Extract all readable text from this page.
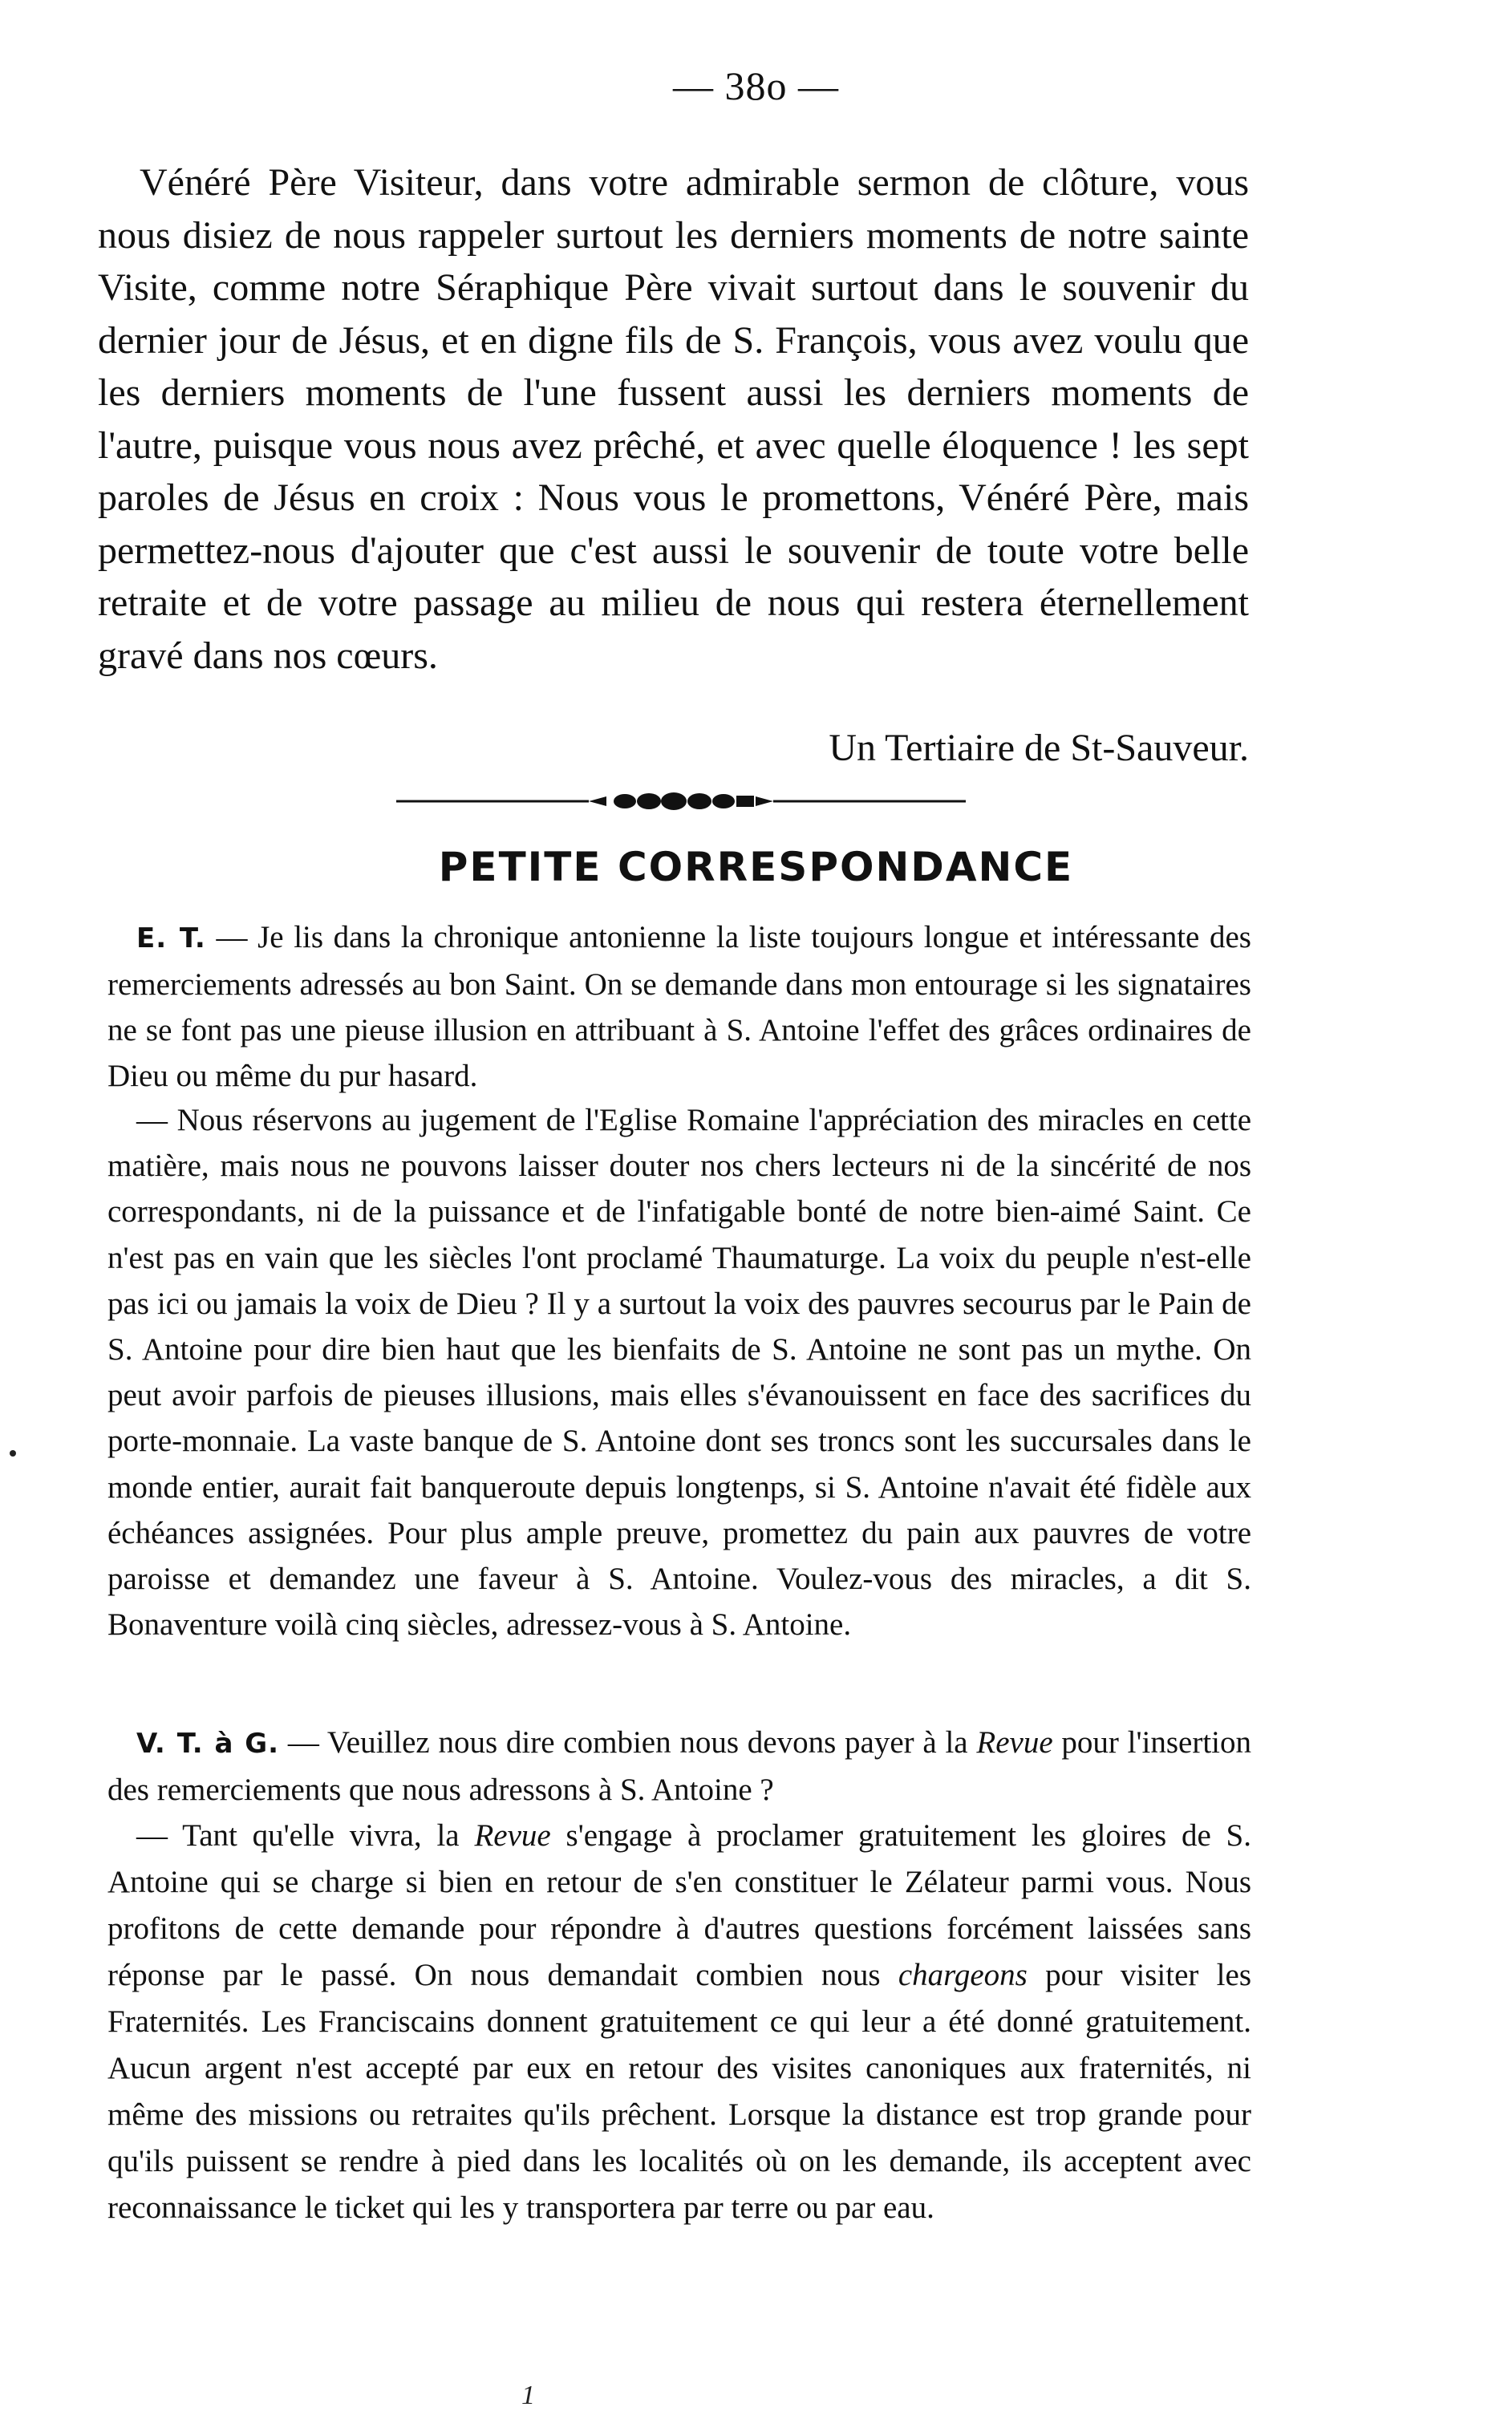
— 38o —

Vénéré Père Visiteur, dans votre admirable sermon de clôture, vous nous disiez de nous rappeler surtout les derniers moments de notre sainte Visite, comme notre Séraphique Père vivait surtout dans le souvenir du dernier jour de Jésus, et en digne fils de S. François, vous avez voulu que les derniers moments de l'une fussent aussi les derniers moments de l'autre, puisque vous nous avez prêché, et avec quelle éloquence ! les sept paroles de Jésus en croix : Nous vous le promettons, Vénéré Père, mais permettez-nous d'ajouter que c'est aussi le souvenir de toute votre belle retraite et de votre passage au milieu de nous qui restera éternellement gravé dans nos cœurs.

Un Tertiaire de St-Sauveur.

PETITE CORRESPONDANCE

E. T. — Je lis dans la chronique antonienne la liste toujours longue et intéressante des remerciements adressés au bon Saint. On se demande dans mon entourage si les signataires ne se font pas une pieuse illusion en attribuant à S. Antoine l'effet des grâces ordinaires de Dieu ou même du pur hasard.

— Nous réservons au jugement de l'Eglise Romaine l'appréciation des miracles en cette matière, mais nous ne pouvons laisser douter nos chers lecteurs ni de la sincérité de nos correspondants, ni de la puissance et de l'infatigable bonté de notre bien-aimé Saint. Ce n'est pas en vain que les siècles l'ont proclamé Thaumaturge. La voix du peuple n'est-elle pas ici ou jamais la voix de Dieu ? Il y a surtout la voix des pauvres secourus par le Pain de S. Antoine pour dire bien haut que les bienfaits de S. Antoine ne sont pas un mythe. On peut avoir parfois de pieuses illusions, mais elles s'évanouissent en face des sacrifices du porte-monnaie. La vaste banque de S. Antoine dont ses troncs sont les succursales dans le monde entier, aurait fait banqueroute depuis longtenps, si S. Antoine n'avait été fidèle aux échéances assignées. Pour plus ample preuve, promettez du pain aux pauvres de votre paroisse et demandez une faveur à S. Antoine. Voulez-vous des miracles, a dit S. Bonaventure voilà cinq siècles, adressez-vous à S. Antoine.

V. T. à G. — Veuillez nous dire combien nous devons payer à la Revue pour l'insertion des remerciements que nous adressons à S. Antoine ?

— Tant qu'elle vivra, la Revue s'engage à proclamer gratuitement les gloires de S. Antoine qui se charge si bien en retour de s'en constituer le Zélateur parmi vous. Nous profitons de cette demande pour répondre à d'autres questions forcément laissées sans réponse par le passé. On nous demandait combien nous chargeons pour visiter les Fraternités. Les Franciscains donnent gratuitement ce qui leur a été donné gratuitement. Aucun argent n'est accepté par eux en retour des visites canoniques aux fraternités, ni même des missions ou retraites qu'ils prêchent. Lorsque la distance est trop grande pour qu'ils puissent se rendre à pied dans les localités où on les demande, ils acceptent avec reconnaissance le ticket qui les y transportera par terre ou par eau.

1
